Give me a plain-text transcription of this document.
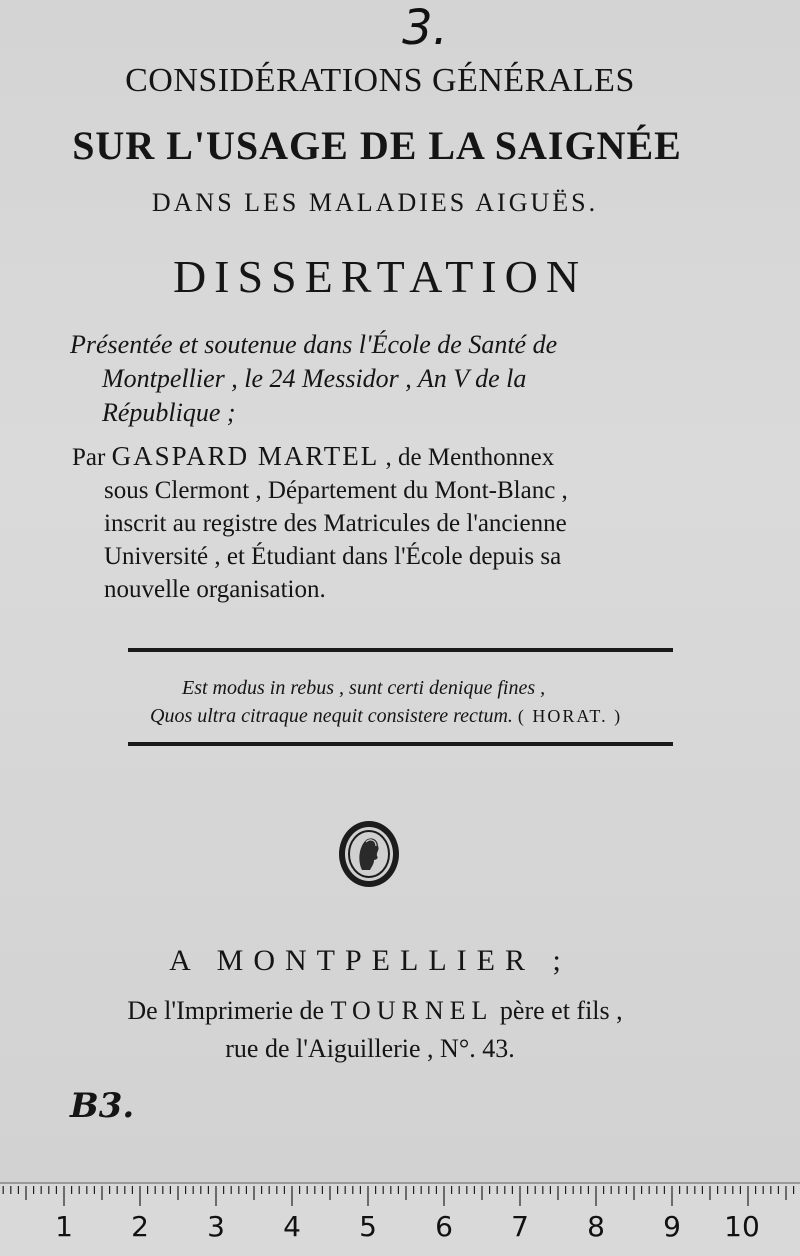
3.
CONSIDÉRATIONS GÉNÉRALES
SUR L'USAGE DE LA SAIGNÉE
DANS LES MALADIES AIGUËS.
DISSERTATION
Présentée et soutenue dans l'École de Santé de

Montpellier , le 24 Messidor , An V de la
République ;
Par GASPARD MARTEL , de Menthonnex
sous Clermont , Département du Mont-Blanc ,
inscrit au registre des Matricules de l'ancienne
Université , et Étudiant dans l'École depuis sa
nouvelle organisation.
Est modus in rebus , sunt certi denique fines ,
Quos ultra citraque nequit consistere rectum. ( HORAT. )
A MONTPELLIER ;
De l'Imprimerie de TOURNEL père et fils ,
rue de l'Aiguillerie , N°. 43.
B3.
1	2	3	4	5	6	7	8	9	10
